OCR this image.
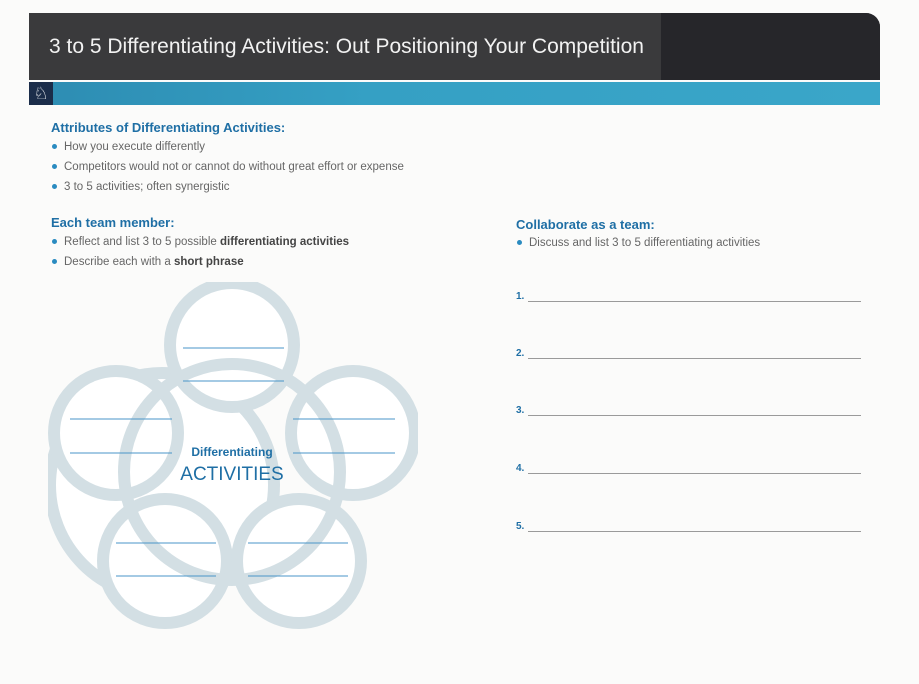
3 to 5 Differentiating Activities: Out Positioning Your Competition
♘
Attributes of Differentiating Activities:
How you execute differently
Competitors would not or cannot do without great effort or expense
3 to 5 activities; often synergistic
Each team member:
Reflect and list 3 to 5 possible differentiating activities
Describe each with a short phrase
Collaborate as a team:
Discuss and list 3 to 5 differentiating activities
1.
2.
3.
4.
5.
Differentiating
ACTIVITIES
